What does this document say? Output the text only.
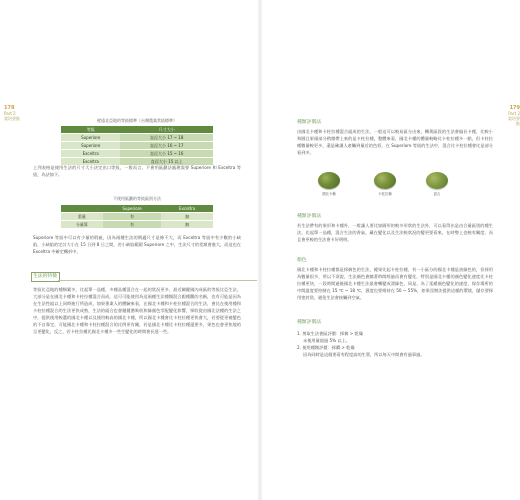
178
Part 2
栽培要點	壁遠北亞地的等級標準（台灣農業常級標準）
等級	尺寸大小
Superiore	直徑大小 17 ~ 18
Superiore	直徑大小 16 ~ 17
Exceltra	直徑大小 15 ~ 16
Exceltra	直徑大小 15 以上
上列表格是使用生法的尺寸大小決定出口等級，一般而言，不會用區劃法處理需要 Superiore 和 Exceltra 等級，為法如下。
不使用區劃的等級區別方法
	Superiore	Exceltra
重量	有	無
分量算	有	無
Superiore 等級中可以有少量的瑕疵，因為兩種生法的期適尺寸是條不大，而 Exceltra 等級中有少數的小缺陷，小缺陷的定計大小在 15 日到 8 日之間，若小缺陷範圍 Superiore 之中，生法尺寸的差額會進大，而這也在 Exceltra 中確定轉折中。
生法的特徵
等級比亞地的種類繁多，比起單一品種，多種品種混合在一起的狀況更多，最近關鍵國內成區的等級比亞生法，大部分是在國北卡種和卡柱拉種混合而成，這可可能使用為這兩種生法種類混合跟種觀的名稱，也有可能是因為在生法性組以上同時進行所造成，如果專業人的體驗來看，在國北卡種和卡柱拉種混合的生法，會比在使用種和卡柱拉種混合的生法更快成熟，生法的組合也會鍵鍵潛吸收和綠顏色零配變化影響，採收從由國北法種的生法之中，提供使用較選的國北卡種以及使用較高的國北卡種，所以國北卡種會比卡柱拉種更快會大，若要從更被變色的不自靠定，可能國北卡種和卡柱拉種混合的比例更有關，若是國北卡種比卡柱拉種還要多，果色也會更快地的呈更變化，反之，若卡柱拉種比國北卡種多一些生變化的時間會長達一些。
179
Part 2
栽培要點
種類評價法
由國北卡種和卡柱拉種混合組成的生法，一般這可以較易區分出來，轉黃區段的生法會偏長卡種，比較小和圓且果頭部分稍微帶上來的是卡柱拉種，整體來看，國北卡種的體量較略比卡柱拉種多一點，但卡柱拉種數量較更多，還是確讓人產觸到量近的色彩，在 Superiore 等級的生法中，混合比卡柱拉種會比是部分看到多。
國北卡種	卡柱拉種	混合
種類評價法
若生法帶有的果形和卡種外，一般讓人要比如圓形的較多形狀的生法外，可以看得出是由合量區別的種生法，比起單一品種，混合生法的香氣，藏在變化以及生法較狀況的變更要看來，在時勢上也較有關度，而且會更較的生法會卡好明明。
顏色
國北卡種和卡柱拉種都是採摘色的生法，總果比起卡柱拉種，有一小區分的國北卡種是油綠色的，但採用為數量很多，所以不須說，生法顏色會隨著時間經過而會有變化，特別是國北卡種的顏色變化速度比卡柱拉種更快，一段時間過後國北卡種生法最會轉變成漂綠色，同是，為了延緩顏色變化的速度，保存場所的中間溫度要控制在 15 ℃ ~ 18 ℃，濕度也要維持在 50 ~ 55%，如果沒辦法提供這樣的環境，儲存要採用密封袋，避免生法會接觸到空氣。
種類評價法
1. 剪取生法會區評價：採摘 > 乾燥
未使用量超過 5% 以上。
2. 使用種類評價：採購 > 乾燥
因為同時是這個要看有程度高的生質，所以每天中間會有過事過。
